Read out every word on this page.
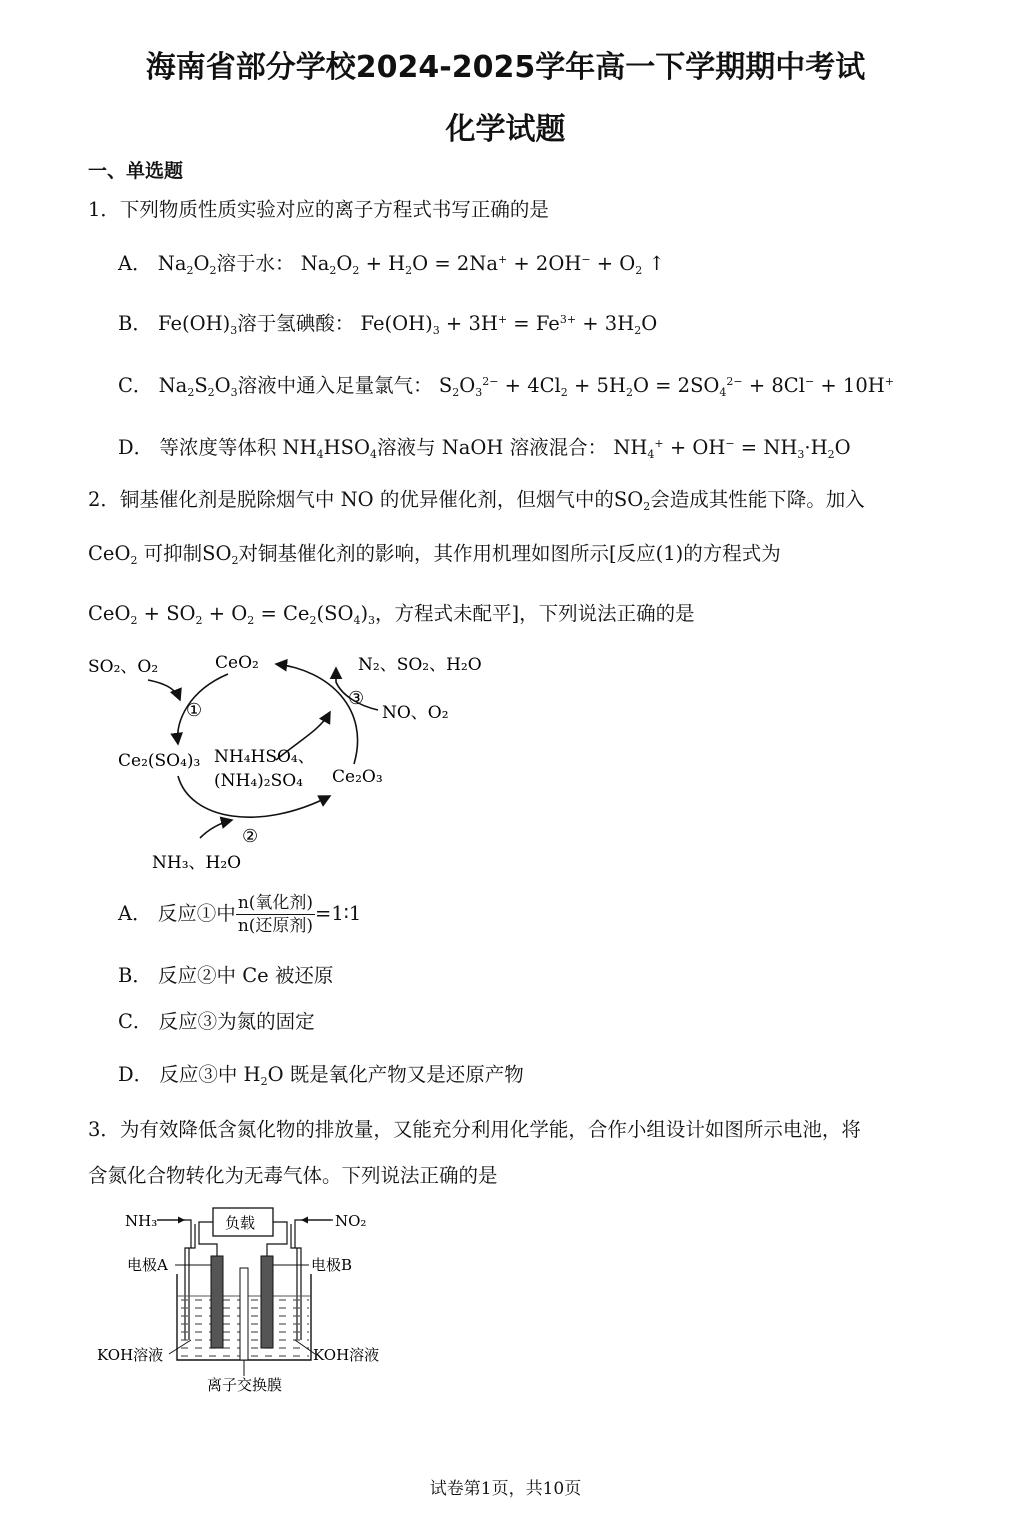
海南省部分学校2024-2025学年高一下学期期中考试
化学试题
一、单选题
1．下列物质性质实验对应的离子方程式书写正确的是
A． $Na_2O_2$溶于水： $Na_2O_2 + H_2O = 2Na^+ + 2OH^- + O_2$ ↑
B． $Fe(OH)_3$溶于氢碘酸： $Fe(OH)_3 + 3H^+ = Fe^{3+} + 3H_2O$
C． $Na_2S_2O_3$溶液中通入足量氯气： $S_2O_3^{2-} + 4Cl_2 + 5H_2O = 2SO_4^{2-} + 8Cl^- + 10H^+$
D． 等浓度等体积 $NH_4HSO_4$溶液与 NaOH 溶液混合： $NH_4^+ + OH^- = NH_3\cdot H_2O$
2．铜基催化剂是脱除烟气中 NO 的优异催化剂，但烟气中的$SO_2$会造成其性能下降。加入
CeO$_2$ 可抑制$SO_2$对铜基催化剂的影响，其作用机理如图所示[反应(1)的方程式为
$CeO_2 + SO_2 + O_2 = Ce_2(SO_4)_3$，方程式未配平]，下列说法正确的是
SO₂、O₂	CeO₂	N₂、SO₂、H₂O
NO、O₂
Ce₂(SO₄)₃ NH₄HSO₄、
(NH₄)₂SO₄ Ce₂O₃
NH₃、H₂O
①
②
③
A． 反应①中 $\frac{\text{n(氧化剂)}}{\text{n(还原剂)}}$ =1∶1
B． 反应②中 Ce 被还原
C． 反应③为氮的固定
D． 反应③中 $H_2O$ 既是氧化产物又是还原产物
3．为有效降低含氮化物的排放量，又能充分利用化学能，合作小组设计如图所示电池，将
含氮化合物转化为无毒气体。下列说法正确的是
NH₃	NO₂
电极A	电极B
KOH溶液	KOH溶液
离子交换膜
负载
试卷第1页，共10页
